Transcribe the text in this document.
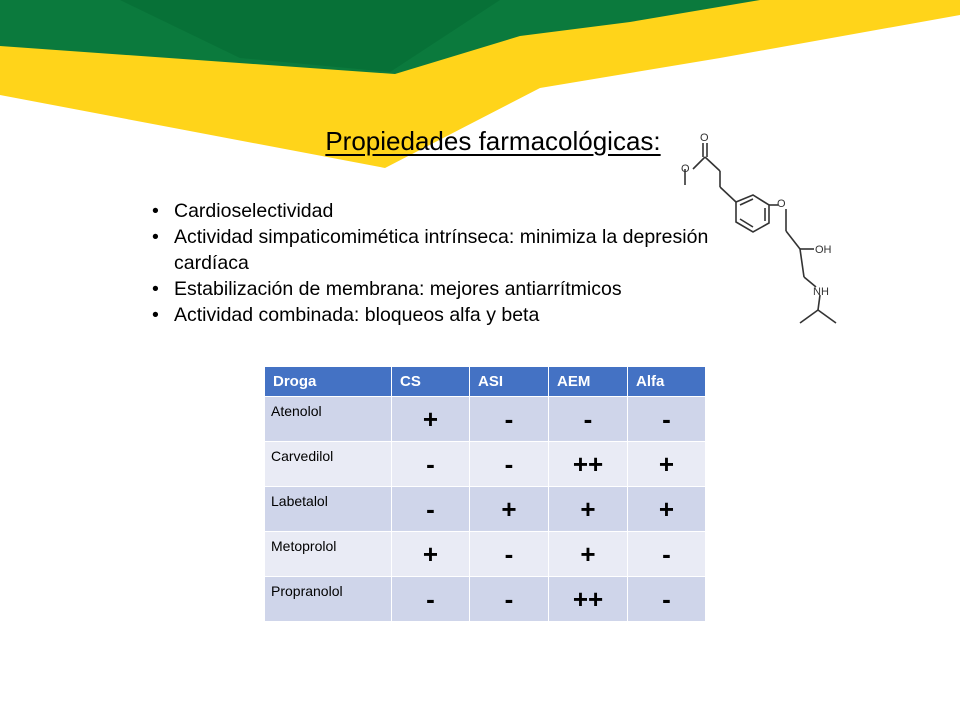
Propiedades farmacológicas:
• Cardioselectividad
• Actividad simpaticomimética intrínseca: minimiza la depresión cardíaca
• Estabilización de membrana: mejores antiarrítmicos
• Actividad combinada: bloqueos alfa y beta
O
O
O
OH
NH
Droga	CS	ASI	AEM	Alfa
Atenolol	+	-	-	-
Carvedilol	-	-	++	+
Labetalol	-	+	+	+
Metoprolol	+	-	+	-
Propranolol	-	-	++	-
